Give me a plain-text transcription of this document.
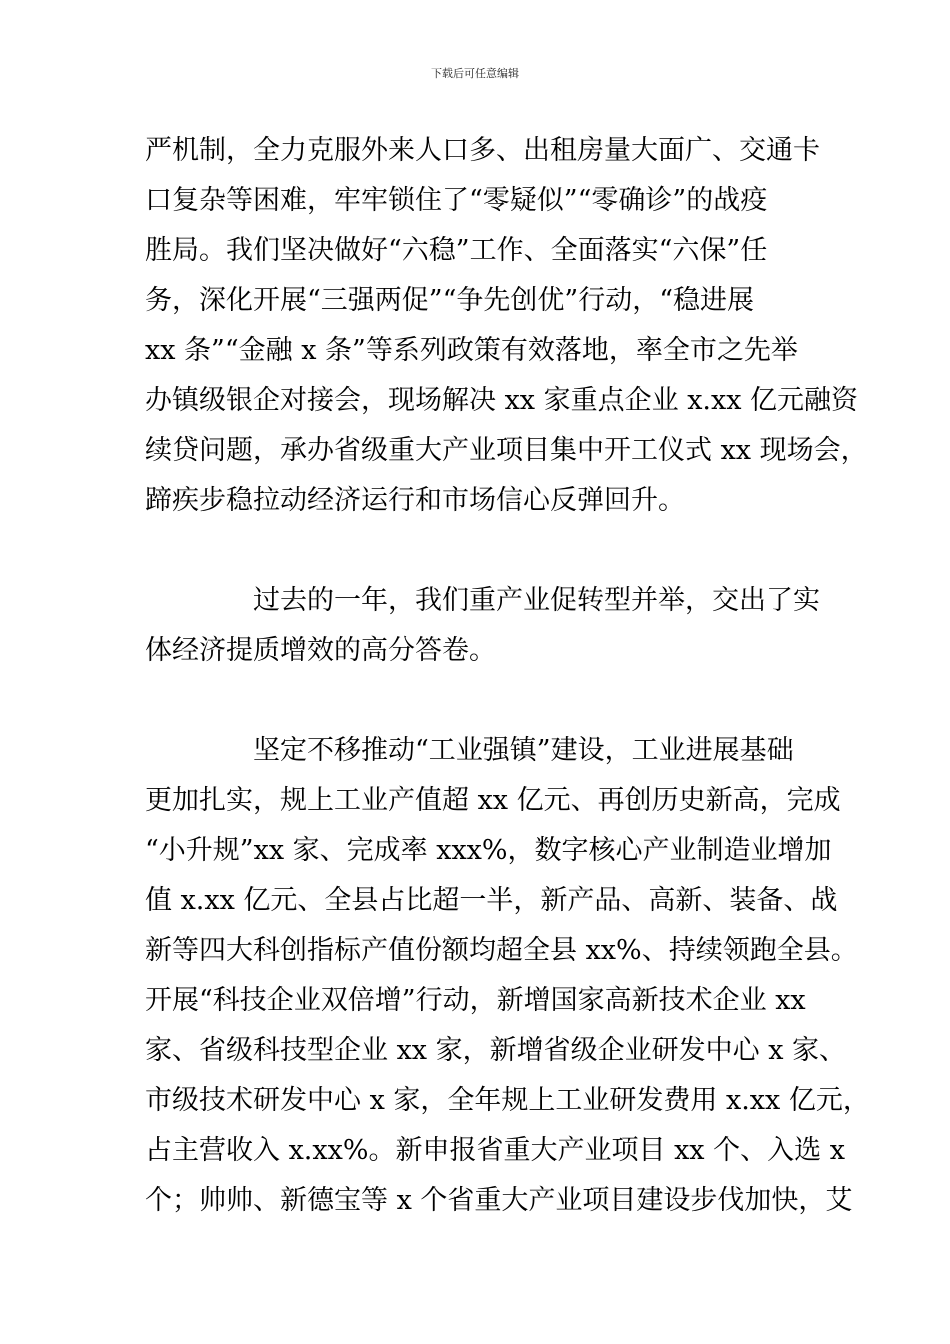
下载后可任意编辑
严机制，全力克服外来人口多、出租房量大面广、交通卡
口复杂等困难，牢牢锁住了“零疑似”“零确诊”的战疫
胜局。我们坚决做好“六稳”工作、全面落实“六保”任
务，深化开展“三强两促”“争先创优”行动，“稳进展
xx 条”“金融 x 条”等系列政策有效落地，率全市之先举
办镇级银企对接会，现场解决 xx 家重点企业 x.xx 亿元融资
续贷问题，承办省级重大产业项目集中开工仪式 xx 现场会，
蹄疾步稳拉动经济运行和市场信心反弹回升。
过去的一年，我们重产业促转型并举，交出了实
体经济提质增效的高分答卷。
坚定不移推动“工业强镇”建设，工业进展基础
更加扎实，规上工业产值超 xx 亿元、再创历史新高，完成
“小升规”xx 家、完成率 xxx%，数字核心产业制造业增加
值 x.xx 亿元、全县占比超一半，新产品、高新、装备、战
新等四大科创指标产值份额均超全县 xx%、持续领跑全县。
开展“科技企业双倍增”行动，新增国家高新技术企业 xx
家、省级科技型企业 xx 家，新增省级企业研发中心 x 家、
市级技术研发中心 x 家，全年规上工业研发费用 x.xx 亿元，
占主营收入 x.xx%。新申报省重大产业项目 xx 个、入选 x
个；帅帅、新德宝等 x 个省重大产业项目建设步伐加快，艾
